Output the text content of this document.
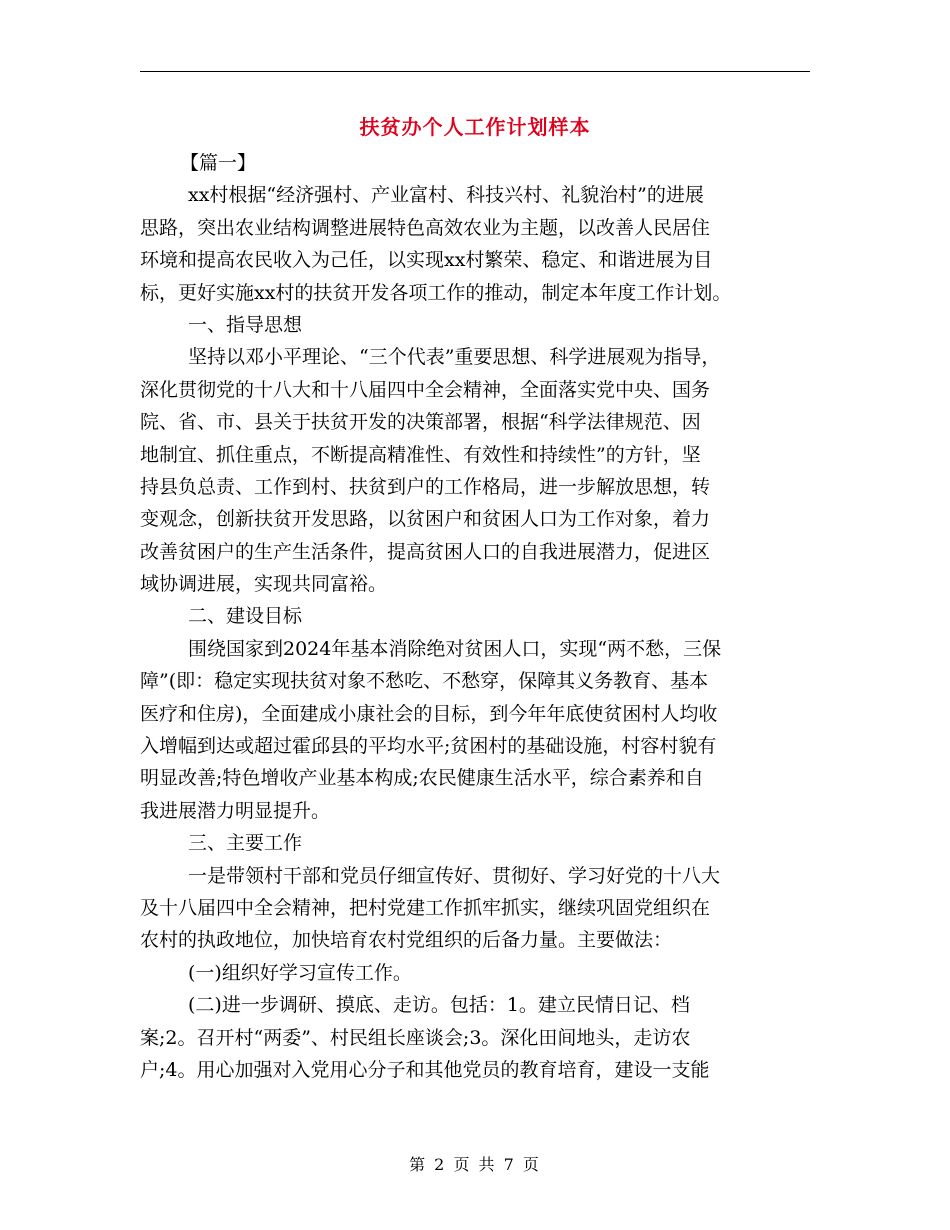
扶贫办个人工作计划样本
【篇一】
xx村根据“经济强村、产业富村、科技兴村、礼貌治村”的进展
思路，突出农业结构调整进展特色高效农业为主题，以改善人民居住
环境和提高农民收入为己任，以实现xx村繁荣、稳定、和谐进展为目
标，更好实施xx村的扶贫开发各项工作的推动，制定本年度工作计划。
一、指导思想
坚持以邓小平理论、“三个代表”重要思想、科学进展观为指导，
深化贯彻党的十八大和十八届四中全会精神，全面落实党中央、国务
院、省、市、县关于扶贫开发的决策部署，根据“科学法律规范、因
地制宜、抓住重点，不断提高精准性、有效性和持续性”的方针，坚
持县负总责、工作到村、扶贫到户的工作格局，进一步解放思想，转
变观念，创新扶贫开发思路，以贫困户和贫困人口为工作对象，着力
改善贫困户的生产生活条件，提高贫困人口的自我进展潜力，促进区
域协调进展，实现共同富裕。
二、建设目标
围绕国家到2024年基本消除绝对贫困人口，实现“两不愁，三保
障”(即：稳定实现扶贫对象不愁吃、不愁穿，保障其义务教育、基本
医疗和住房)，全面建成小康社会的目标，到今年年底使贫困村人均收
入增幅到达或超过霍邱县的平均水平;贫困村的基础设施，村容村貌有
明显改善;特色增收产业基本构成;农民健康生活水平，综合素养和自
我进展潜力明显提升。
三、主要工作
一是带领村干部和党员仔细宣传好、贯彻好、学习好党的十八大
及十八届四中全会精神，把村党建工作抓牢抓实，继续巩固党组织在
农村的执政地位，加快培育农村党组织的后备力量。主要做法：
(一)组织好学习宣传工作。
(二)进一步调研、摸底、走访。包括：1。建立民情日记、档
案;2。召开村“两委”、村民组长座谈会;3。深化田间地头，走访农
户;4。用心加强对入党用心分子和其他党员的教育培育，建设一支能
第 2 页 共 7 页
